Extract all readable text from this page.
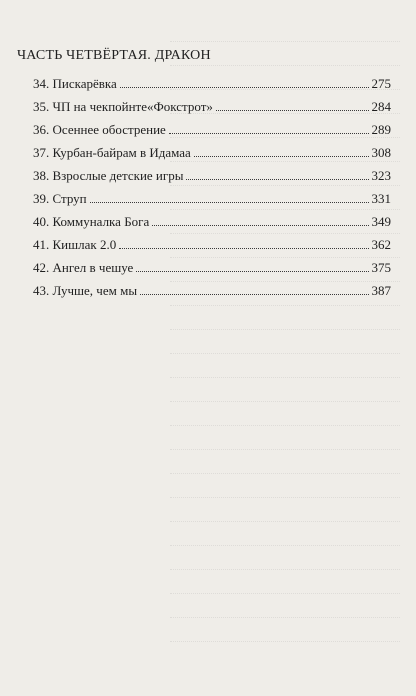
ЧАСТЬ ЧЕТВЁРТАЯ. ДРАКОН
34. Пискарёвка	275
35. ЧП на чекпойнте«Фокстрот»	284
36. Осеннее обострение	289
37. Курбан-байрам в Идамаа	308
38. Взрослые детские игры	323
39. Струп	331
40. Коммуналка Бога	349
41. Кишлак 2.0	362
42. Ангел в чешуе	375
43. Лучше, чем мы	387
